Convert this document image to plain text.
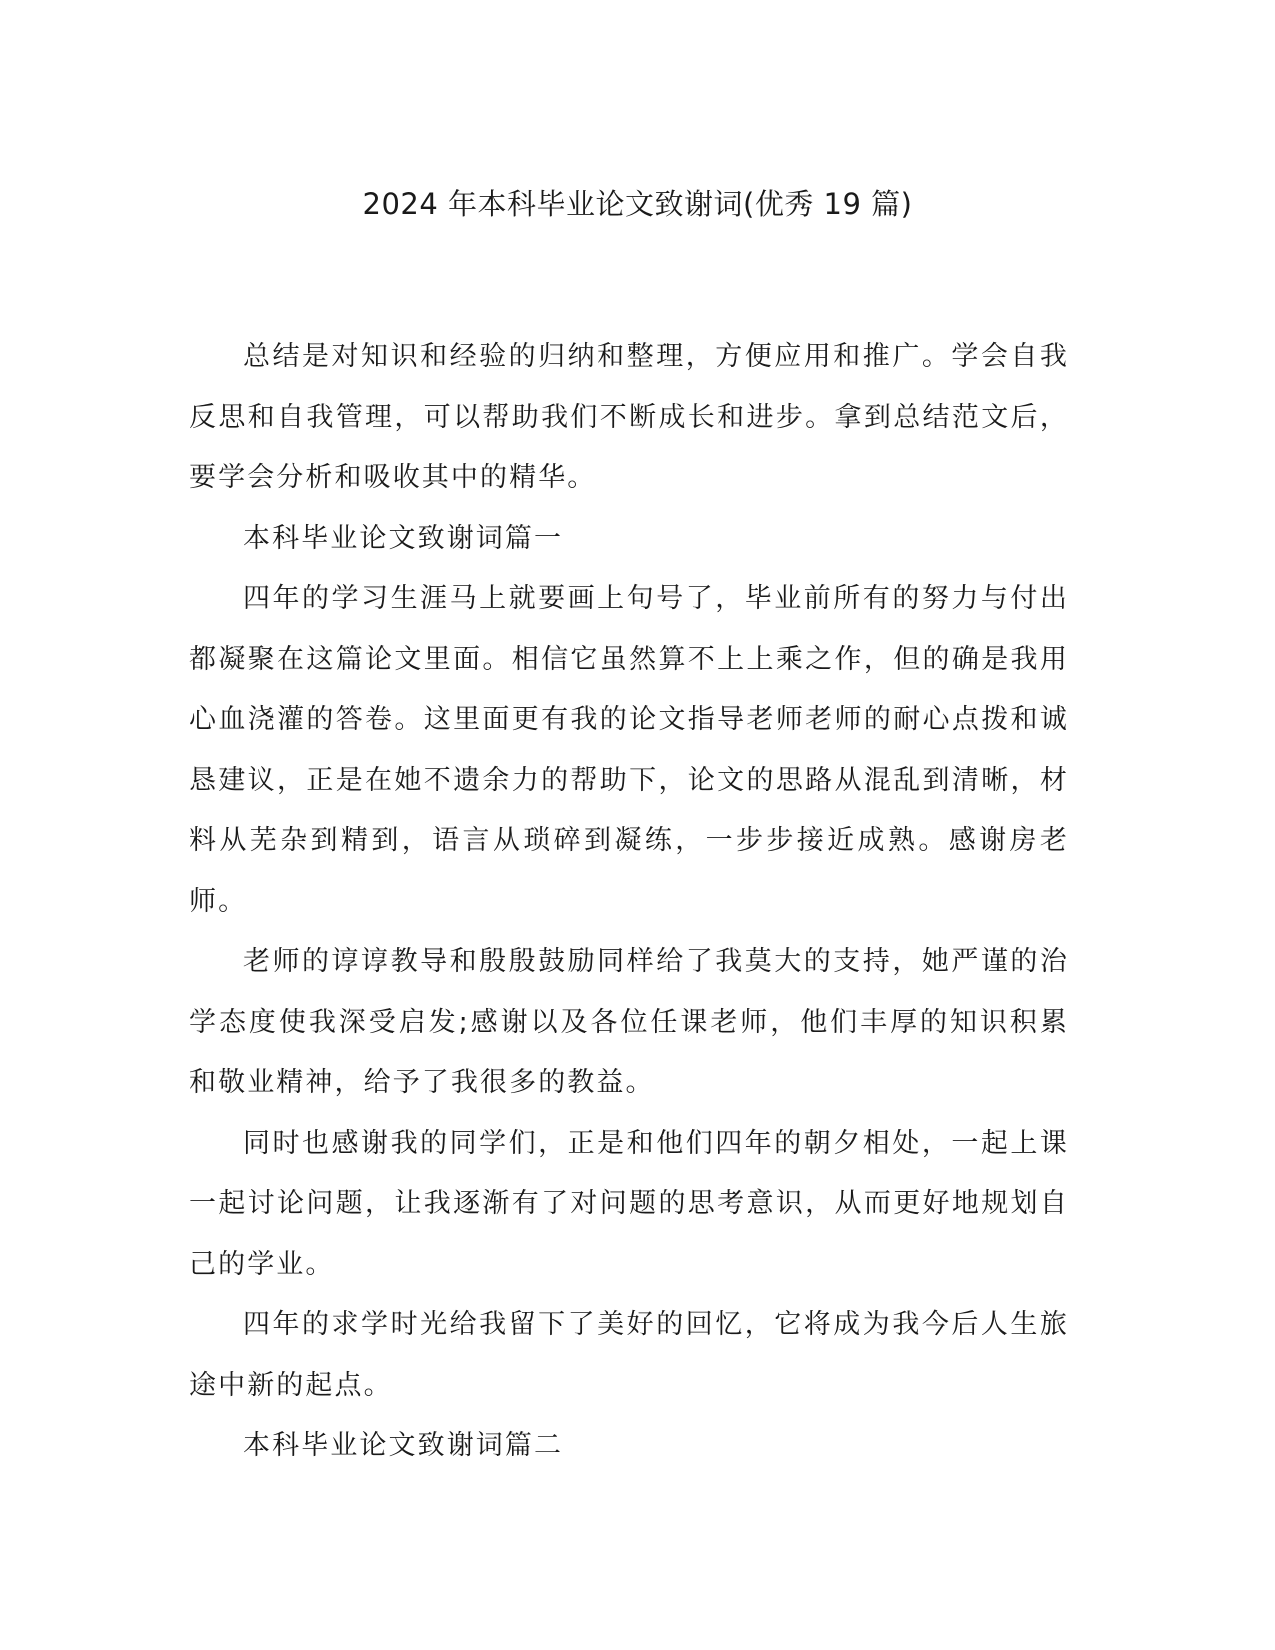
2024 年本科毕业论文致谢词(优秀 19 篇)

总结是对知识和经验的归纳和整理，方便应用和推广。学会自我反思和自我管理，可以帮助我们不断成长和进步。拿到总结范文后，要学会分析和吸收其中的精华。

本科毕业论文致谢词篇一

四年的学习生涯马上就要画上句号了，毕业前所有的努力与付出都凝聚在这篇论文里面。相信它虽然算不上上乘之作，但的确是我用心血浇灌的答卷。这里面更有我的论文指导老师老师的耐心点拨和诚恳建议，正是在她不遗余力的帮助下，论文的思路从混乱到清晰，材料从芜杂到精到，语言从琐碎到凝练，一步步接近成熟。感谢房老师。

老师的谆谆教导和殷殷鼓励同样给了我莫大的支持，她严谨的治学态度使我深受启发;感谢以及各位任课老师，他们丰厚的知识积累和敬业精神，给予了我很多的教益。

同时也感谢我的同学们，正是和他们四年的朝夕相处，一起上课一起讨论问题，让我逐渐有了对问题的思考意识，从而更好地规划自己的学业。

四年的求学时光给我留下了美好的回忆，它将成为我今后人生旅途中新的起点。

本科毕业论文致谢词篇二
